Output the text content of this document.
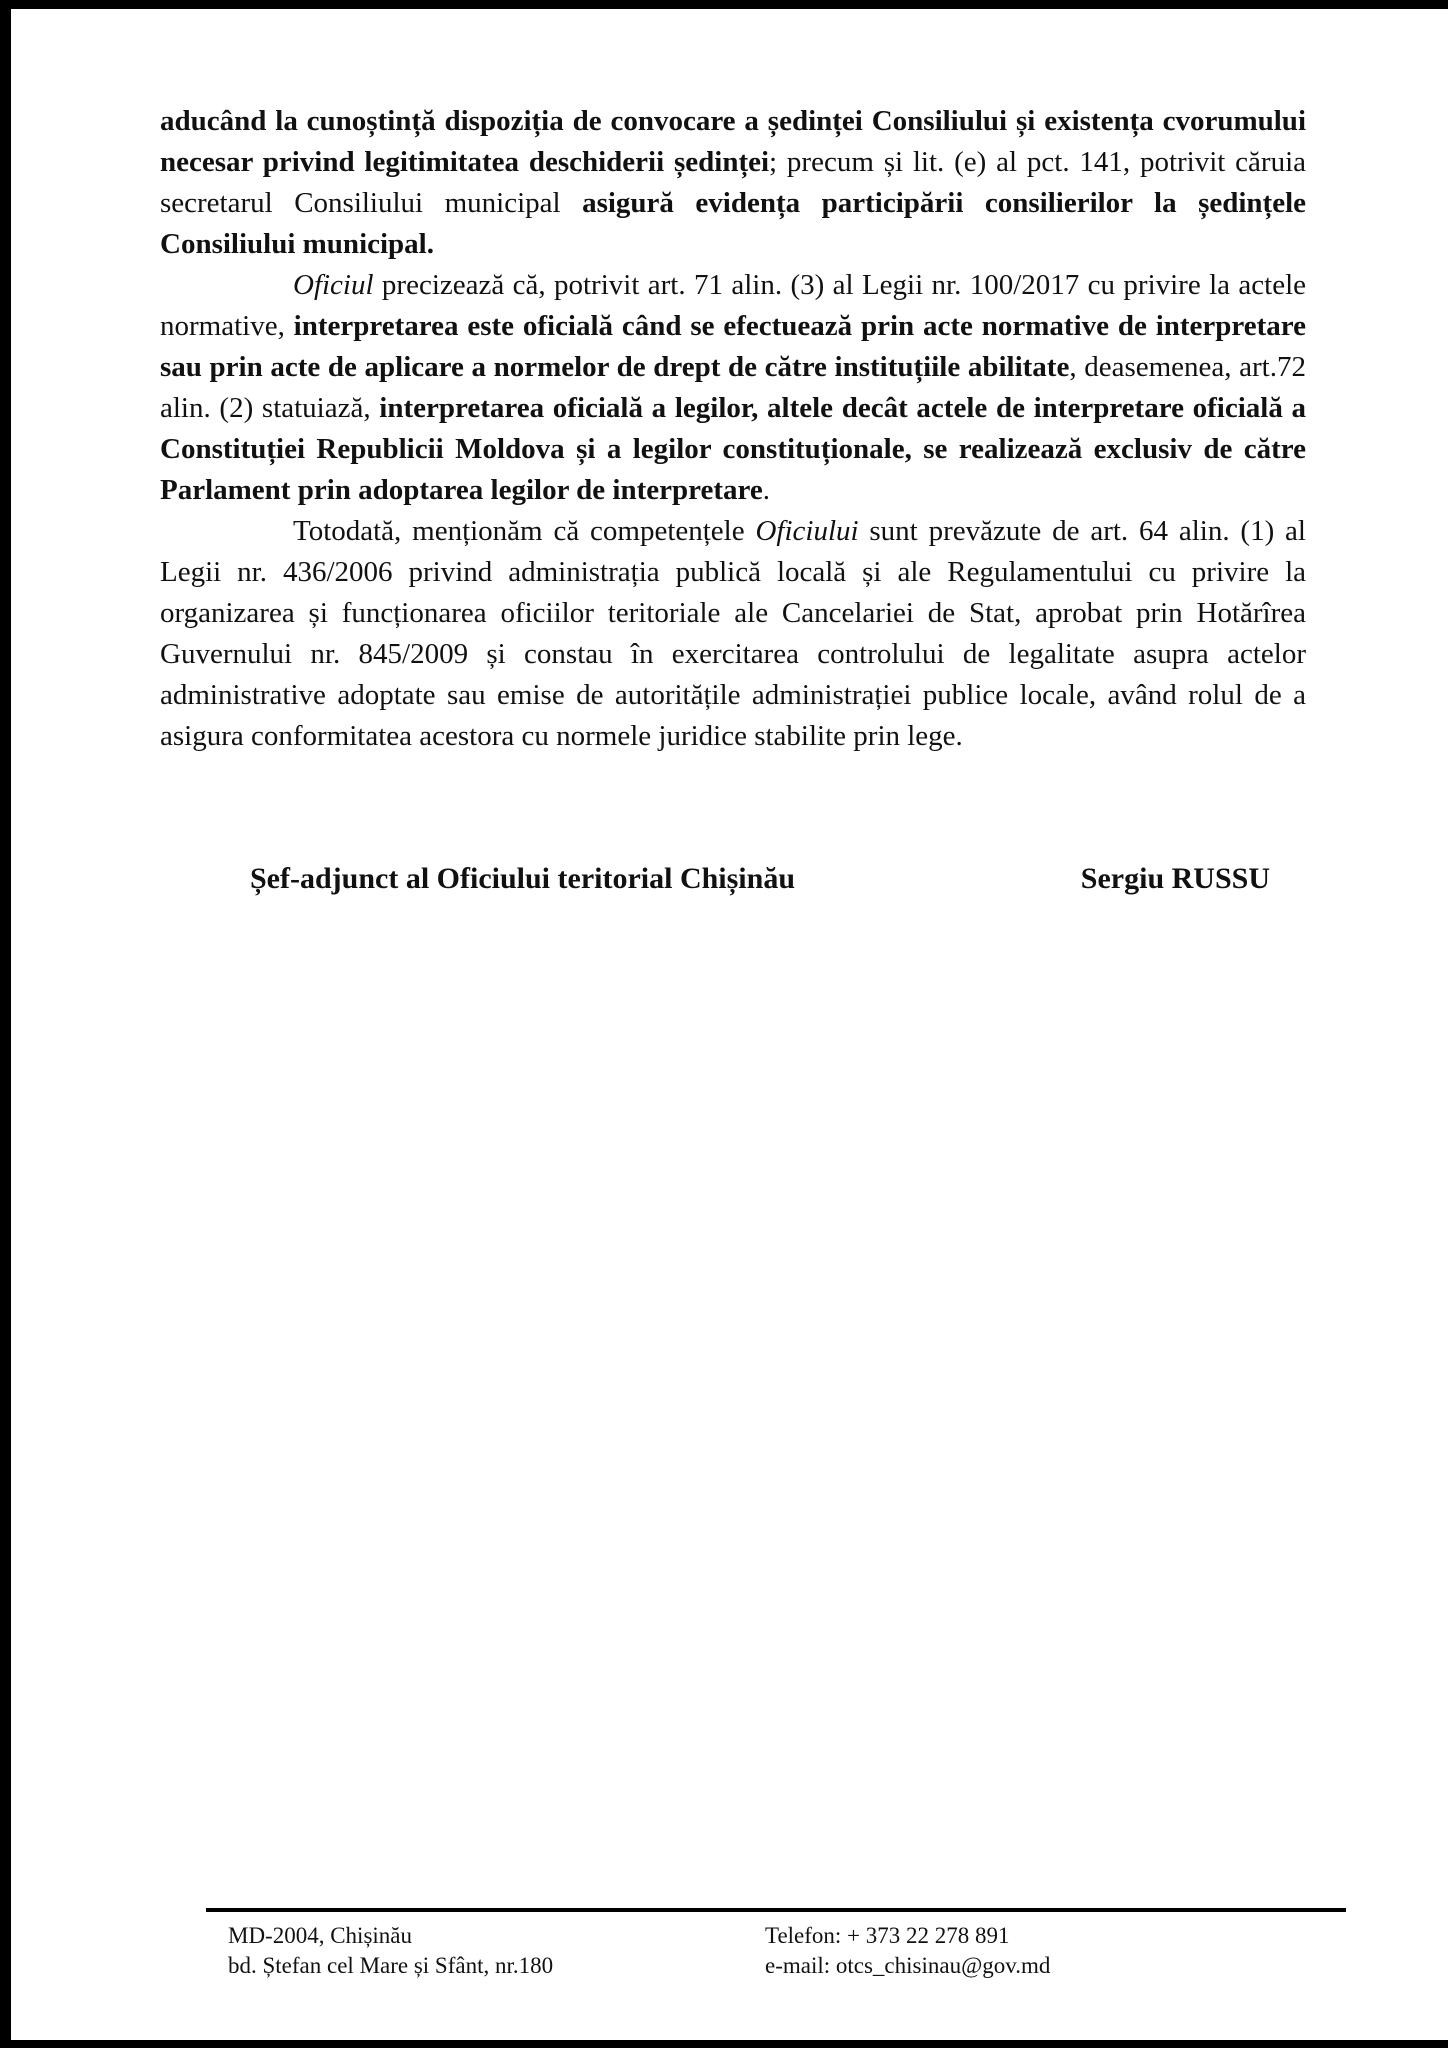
aducând la cunoștință dispoziția de convocare a ședinței Consiliului și existența cvorumului necesar privind legitimitatea deschiderii ședinței; precum și lit. (e) al pct. 141, potrivit căruia secretarul Consiliului municipal asigură evidența participării consilierilor la ședințele Consiliului municipal.

Oficiul precizează că, potrivit art. 71 alin. (3) al Legii nr. 100/2017 cu privire la actele normative, interpretarea este oficială când se efectuează prin acte normative de interpretare sau prin acte de aplicare a normelor de drept de către instituțiile abilitate, deasemenea, art.72 alin. (2) statuiază, interpretarea oficială a legilor, altele decât actele de interpretare oficială a Constituției Republicii Moldova și a legilor constituționale, se realizează exclusiv de către Parlament prin adoptarea legilor de interpretare.

Totodată, menționăm că competențele Oficiului sunt prevăzute de art. 64 alin. (1) al Legii nr. 436/2006 privind administrația publică locală și ale Regulamentului cu privire la organizarea și funcționarea oficiilor teritoriale ale Cancelariei de Stat, aprobat prin Hotărîrea Guvernului nr. 845/2009 și constau în exercitarea controlului de legalitate asupra actelor administrative adoptate sau emise de autoritățile administrației publice locale, având rolul de a asigura conformitatea acestora cu normele juridice stabilite prin lege.

Șef-adjunct al Oficiului teritorial Chișinău	Sergiu RUSSU
MD-2004, Chișinău
bd. Ștefan cel Mare și Sfânt, nr.180
Telefon: + 373 22 278 891
e-mail: otcs_chisinau@gov.md
